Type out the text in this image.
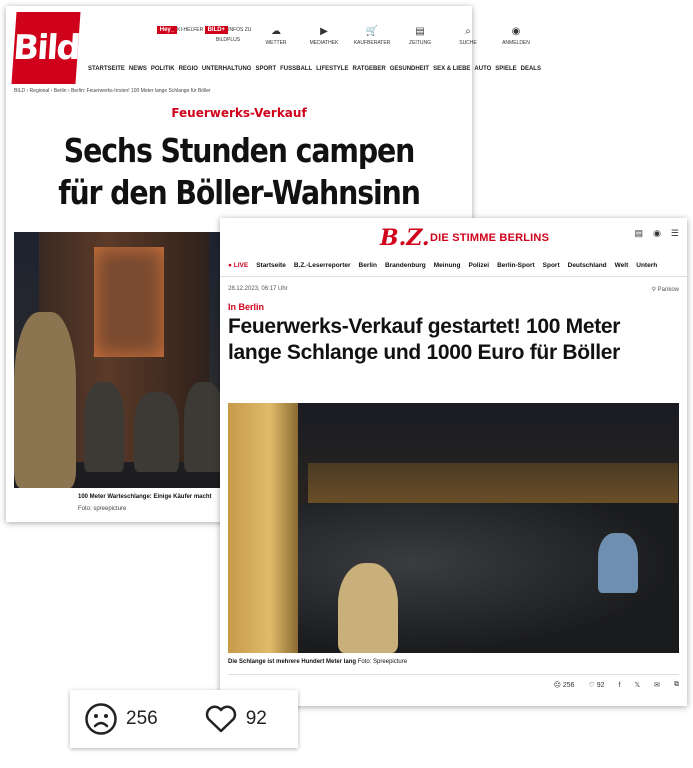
Bild	Hey_ KI-HELFER BILD+ INFOS ZU BILDPLUS
☁
WETTER
▶
MEDIATHEK
🛒
KAUFBERATER
▤
ZEITUNG
⌕
SUCHE
◉
ANMELDEN
STARTSEITE NEWS POLITIK REGIO UNTERHALTUNG SPORT FUSSBALL LIFESTYLE RATGEBER GESUNDHEIT SEX & LIEBE AUTO SPIELE DEALS
BILD › Regional › Berlin › Berlin: Feuerwerks-Irrsinn! 100 Meter lange Schlange für Böller
Feuerwerks-Verkauf
Sechs Stunden campen für den Böller-Wahnsinn
100 Meter Warteschlange: Einige Käufer macht
Foto: spreepicture
B.Z. DIE STIMME BERLINS	▤ ◉ ☰
● LIVE Startseite B.Z.-Leserreporter Berlin Brandenburg Meinung Polizei Berlin-Sport Sport Deutschland Welt Unterh
28.12.2023, 06:17 Uhr	⚲ Pankow
In Berlin
Feuerwerks-Verkauf gestartet! 100 Meter lange Schlange und 1000 Euro für Böller
Die Schlange ist mehrere Hundert Meter lang Foto: Spreepicture
☹ 256 ♡ 92 f 𝕏 ✉ ⧉
256	92
